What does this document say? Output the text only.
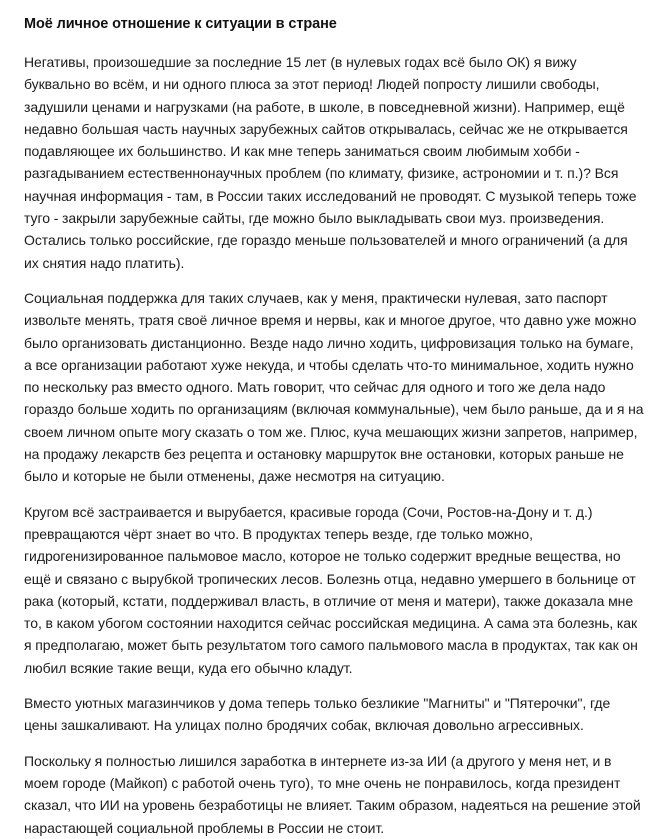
Моё личное отношение к ситуации в стране

Негативы, произошедшие за последние 15 лет (в нулевых годах всё было ОК) я вижу буквально во всём, и ни одного плюса за этот период! Людей попросту лишили свободы, задушили ценами и нагрузками (на работе, в школе, в повседневной жизни). Например, ещё недавно большая часть научных зарубежных сайтов открывалась, сейчас же не открывается подавляющее их большинство. И как мне теперь заниматься своим любимым хобби - разгадыванием естественнонаучных проблем (по климату, физике, астрономии и т. п.)? Вся научная информация - там, в России таких исследований не проводят. С музыкой теперь тоже туго - закрыли зарубежные сайты, где можно было выкладывать свои муз. произведения. Остались только российские, где гораздо меньше пользователей и много ограничений (а для их снятия надо платить).

Социальная поддержка для таких случаев, как у меня, практически нулевая, зато паспорт извольте менять, тратя своё личное время и нервы, как и многое другое, что давно уже можно было организовать дистанционно. Везде надо лично ходить, цифровизация только на бумаге, а все организации работают хуже некуда, и чтобы сделать что-то минимальное, ходить нужно по нескольку раз вместо одного. Мать говорит, что сейчас для одного и того же дела надо гораздо больше ходить по организациям (включая коммунальные), чем было раньше, да и я на своем личном опыте могу сказать о том же. Плюс, куча мешающих жизни запретов, например, на продажу лекарств без рецепта и остановку маршруток вне остановки, которых раньше не было и которые не были отменены, даже несмотря на ситуацию.

Кругом всё застраивается и вырубается, красивые города (Сочи, Ростов-на-Дону и т. д.) превращаются чёрт знает во что. В продуктах теперь везде, где только можно, гидрогенизированное пальмовое масло, которое не только содержит вредные вещества, но ещё и связано с вырубкой тропических лесов. Болезнь отца, недавно умершего в больнице от рака (который, кстати, поддерживал власть, в отличие от меня и матери), также доказала мне то, в каком убогом состоянии находится сейчас российская медицина. А сама эта болезнь, как я предполагаю, может быть результатом того самого пальмового масла в продуктах, так как он любил всякие такие вещи, куда его обычно кладут.

Вместо уютных магазинчиков у дома теперь только безликие "Магниты" и "Пятерочки", где цены зашкаливают. На улицах полно бродячих собак, включая довольно агрессивных.

Поскольку я полностью лишился заработка в интернете из-за ИИ (а другого у меня нет, и в моем городе (Майкоп) с работой очень туго), то мне очень не понравилось, когда президент сказал, что ИИ на уровень безработицы не влияет. Таким образом, надеяться на решение этой нарастающей социальной проблемы в России не стоит.
